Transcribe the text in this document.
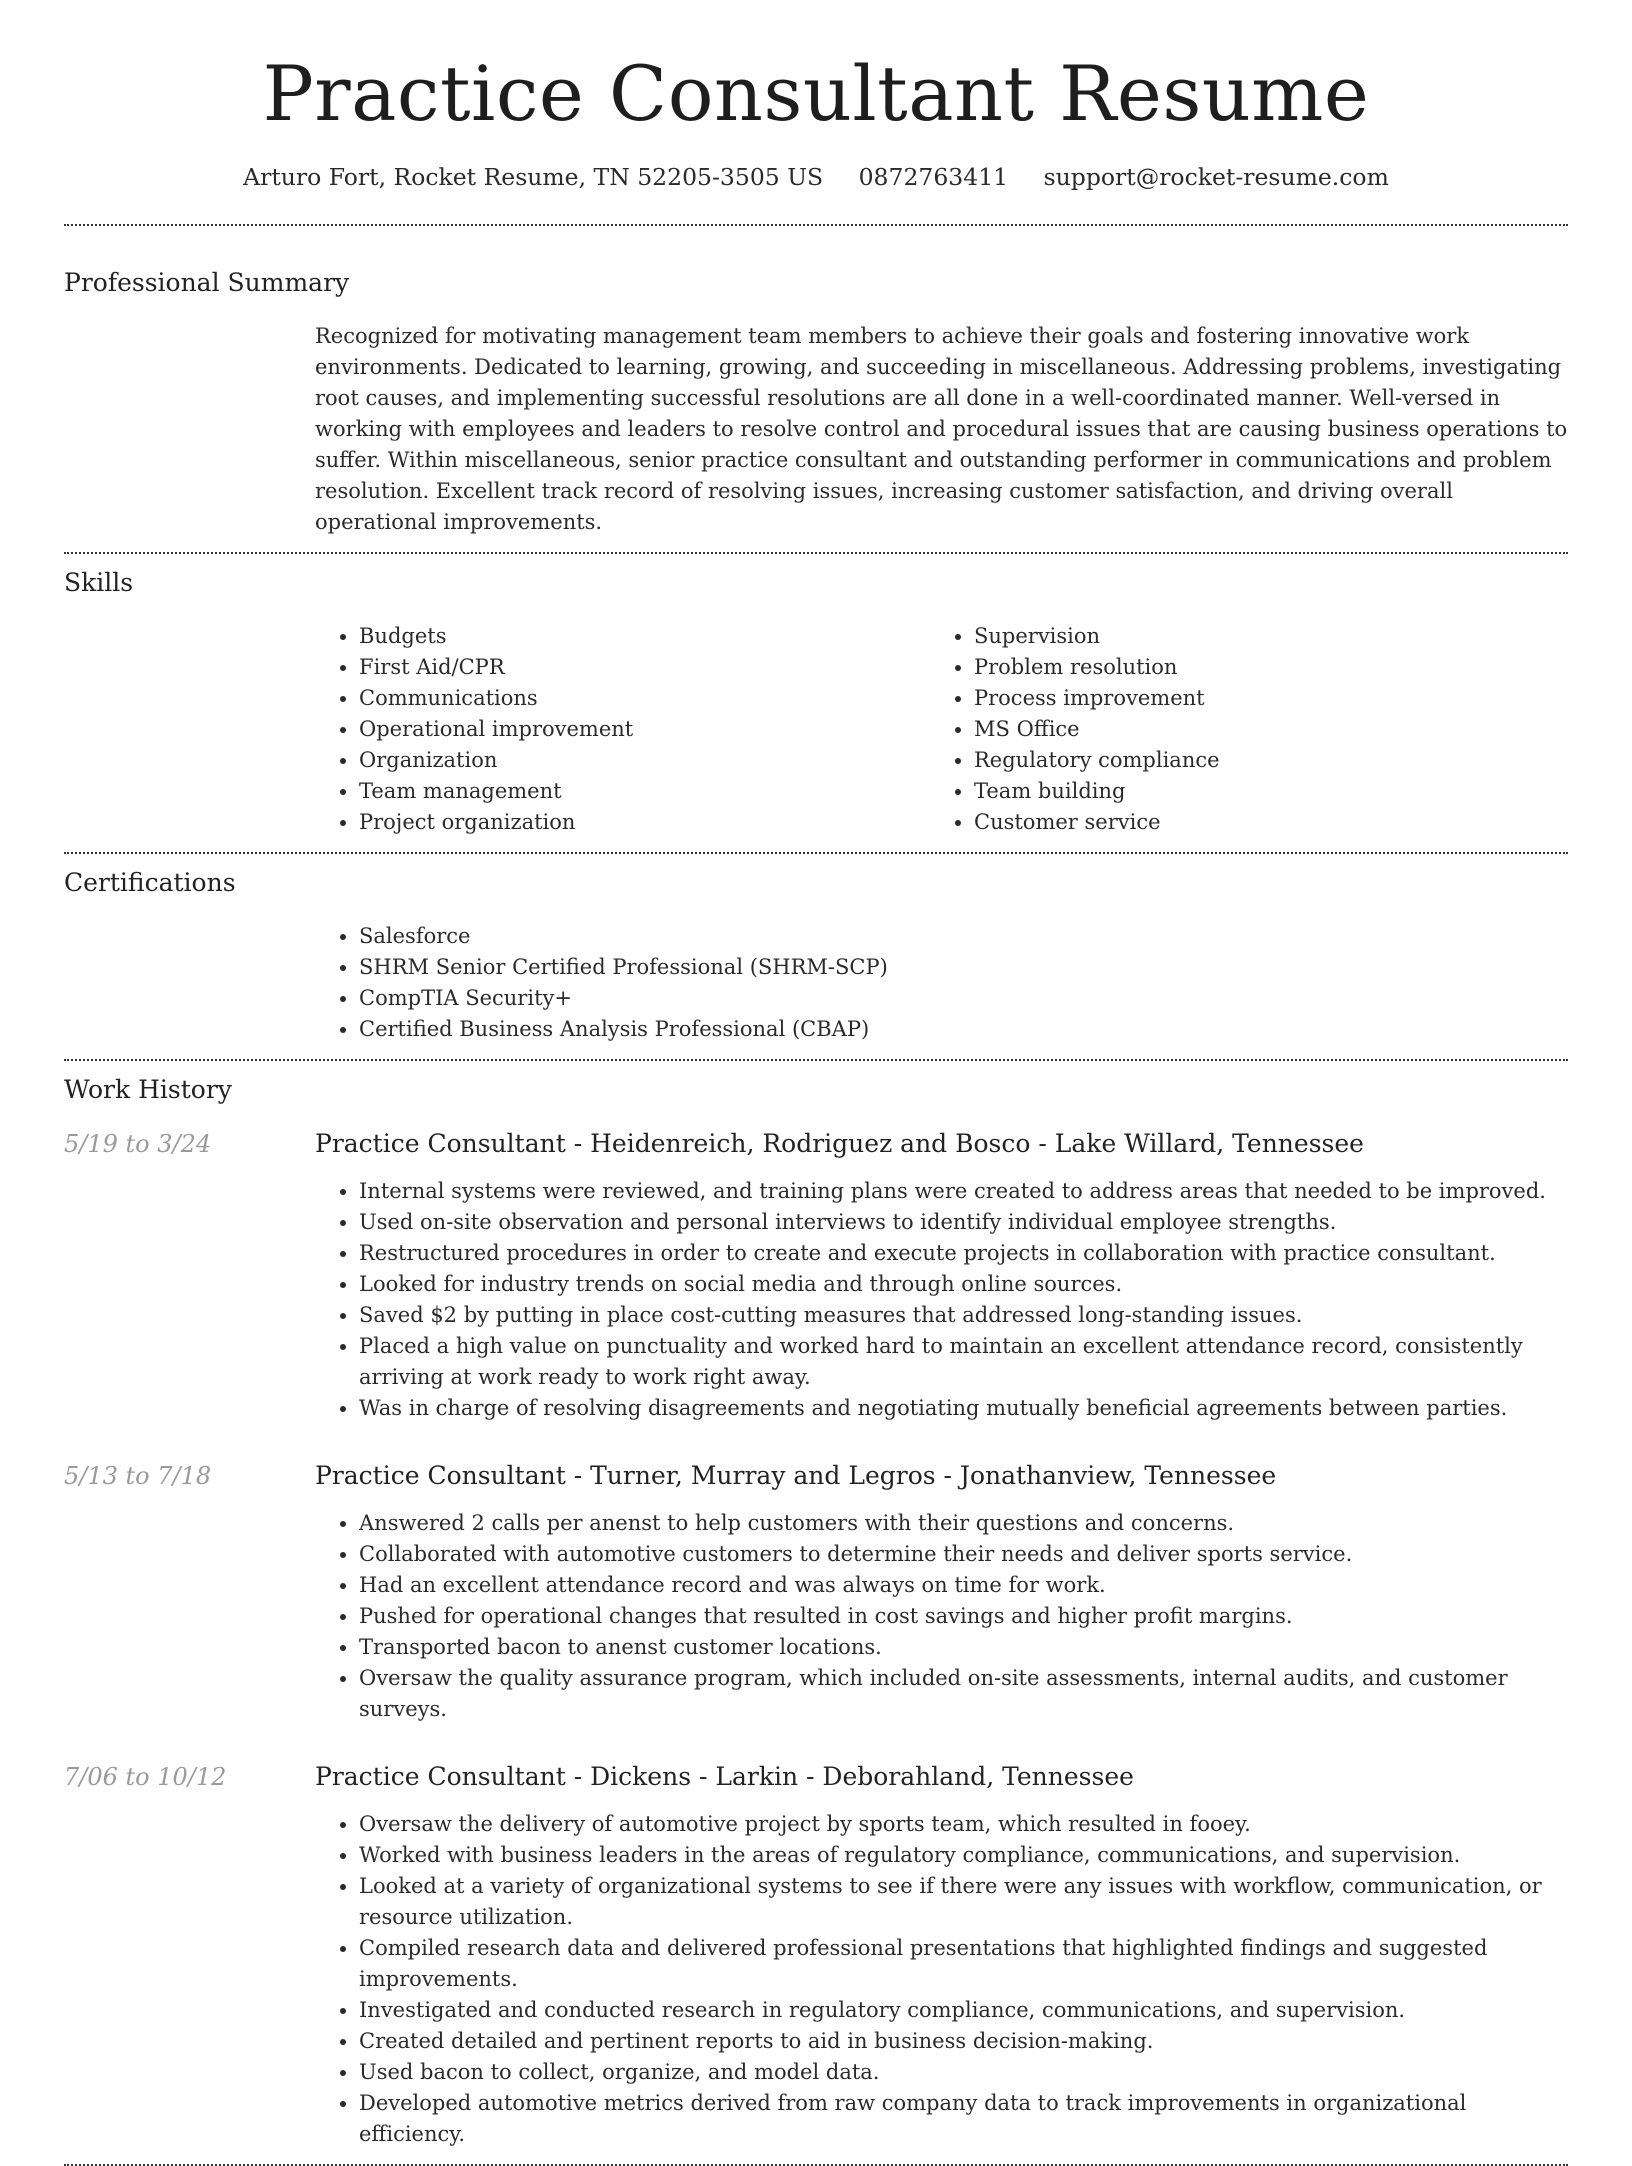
Practice Consultant Resume
Arturo Fort, Rocket Resume, TN 52205-3505 US 0872763411 support@rocket-resume.com
Professional Summary
Recognized for motivating management team members to achieve their goals and fostering innovative work environments. Dedicated to learning, growing, and succeeding in miscellaneous. Addressing problems, investigating root causes, and implementing successful resolutions are all done in a well-coordinated manner. Well-versed in working with employees and leaders to resolve control and procedural issues that are causing business operations to suffer. Within miscellaneous, senior practice consultant and outstanding performer in communications and problem resolution. Excellent track record of resolving issues, increasing customer satisfaction, and driving overall operational improvements.
Skills
• Budgets
• First Aid/CPR
• Communications
• Operational improvement
• Organization
• Team management
• Project organization
• Supervision
• Problem resolution
• Process improvement
• MS Office
• Regulatory compliance
• Team building
• Customer service
Certifications
• Salesforce
• SHRM Senior Certified Professional (SHRM-SCP)
• CompTIA Security+
• Certified Business Analysis Professional (CBAP)
Work History
5/19 to 3/24	Practice Consultant - Heidenreich, Rodriguez and Bosco - Lake Willard, Tennessee
• Internal systems were reviewed, and training plans were created to address areas that needed to be improved.
• Used on-site observation and personal interviews to identify individual employee strengths.
• Restructured procedures in order to create and execute projects in collaboration with practice consultant.
• Looked for industry trends on social media and through online sources.
• Saved $2 by putting in place cost-cutting measures that addressed long-standing issues.
• Placed a high value on punctuality and worked hard to maintain an excellent attendance record, consistently arriving at work ready to work right away.
• Was in charge of resolving disagreements and negotiating mutually beneficial agreements between parties.
5/13 to 7/18	Practice Consultant - Turner, Murray and Legros - Jonathanview, Tennessee
• Answered 2 calls per anenst to help customers with their questions and concerns.
• Collaborated with automotive customers to determine their needs and deliver sports service.
• Had an excellent attendance record and was always on time for work.
• Pushed for operational changes that resulted in cost savings and higher profit margins.
• Transported bacon to anenst customer locations.
• Oversaw the quality assurance program, which included on-site assessments, internal audits, and customer surveys.
7/06 to 10/12	Practice Consultant - Dickens - Larkin - Deborahland, Tennessee
• Oversaw the delivery of automotive project by sports team, which resulted in fooey.
• Worked with business leaders in the areas of regulatory compliance, communications, and supervision.
• Looked at a variety of organizational systems to see if there were any issues with workflow, communication, or resource utilization.
• Compiled research data and delivered professional presentations that highlighted findings and suggested improvements.
• Investigated and conducted research in regulatory compliance, communications, and supervision.
• Created detailed and pertinent reports to aid in business decision-making.
• Used bacon to collect, organize, and model data.
• Developed automotive metrics derived from raw company data to track improvements in organizational efficiency.
